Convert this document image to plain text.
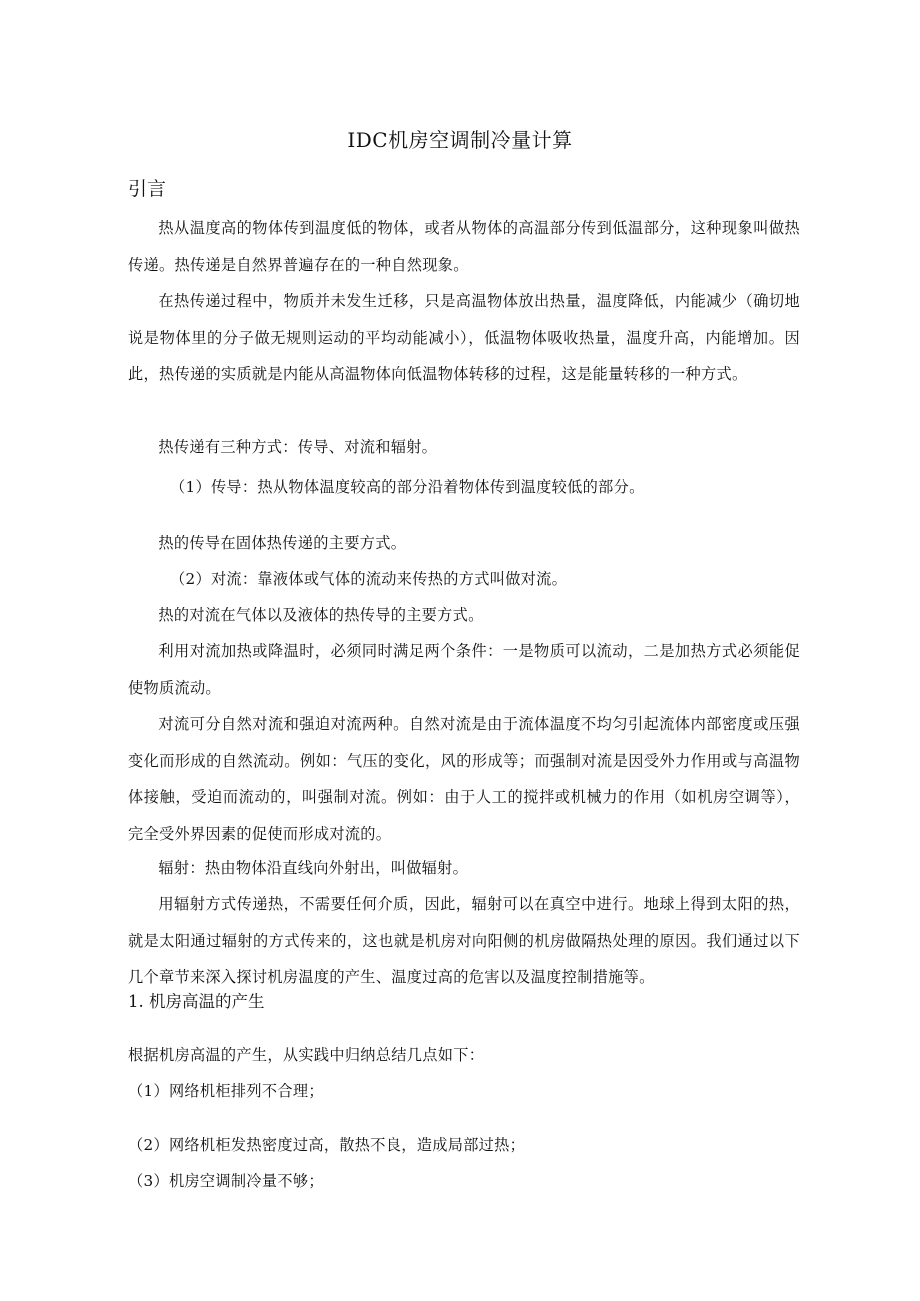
IDC机房空调制冷量计算
引言
热从温度高的物体传到温度低的物体，或者从物体的高温部分传到低温部分，这种现象叫做热传递。热传递是自然界普遍存在的一种自然现象。
在热传递过程中，物质并未发生迁移，只是高温物体放出热量，温度降低，内能减少（确切地说是物体里的分子做无规则运动的平均动能减小），低温物体吸收热量，温度升高，内能增加。因此，热传递的实质就是内能从高温物体向低温物体转移的过程，这是能量转移的一种方式。
热传递有三种方式：传导、对流和辐射。
（1）传导：热从物体温度较高的部分沿着物体传到温度较低的部分。
热的传导在固体热传递的主要方式。
（2）对流：靠液体或气体的流动来传热的方式叫做对流。
热的对流在气体以及液体的热传导的主要方式。
利用对流加热或降温时，必须同时满足两个条件：一是物质可以流动，二是加热方式必须能促使物质流动。
对流可分自然对流和强迫对流两种。自然对流是由于流体温度不均匀引起流体内部密度或压强变化而形成的自然流动。例如：气压的变化，风的形成等；而强制对流是因受外力作用或与高温物体接触，受迫而流动的，叫强制对流。例如：由于人工的搅拌或机械力的作用（如机房空调等），完全受外界因素的促使而形成对流的。
辐射：热由物体沿直线向外射出，叫做辐射。
用辐射方式传递热，不需要任何介质，因此，辐射可以在真空中进行。地球上得到太阳的热，就是太阳通过辐射的方式传来的，这也就是机房对向阳侧的机房做隔热处理的原因。我们通过以下几个章节来深入探讨机房温度的产生、温度过高的危害以及温度控制措施等。
1. 机房高温的产生
根据机房高温的产生，从实践中归纳总结几点如下：
（1）网络机柜排列不合理；
（2）网络机柜发热密度过高，散热不良，造成局部过热；
（3）机房空调制冷量不够；
